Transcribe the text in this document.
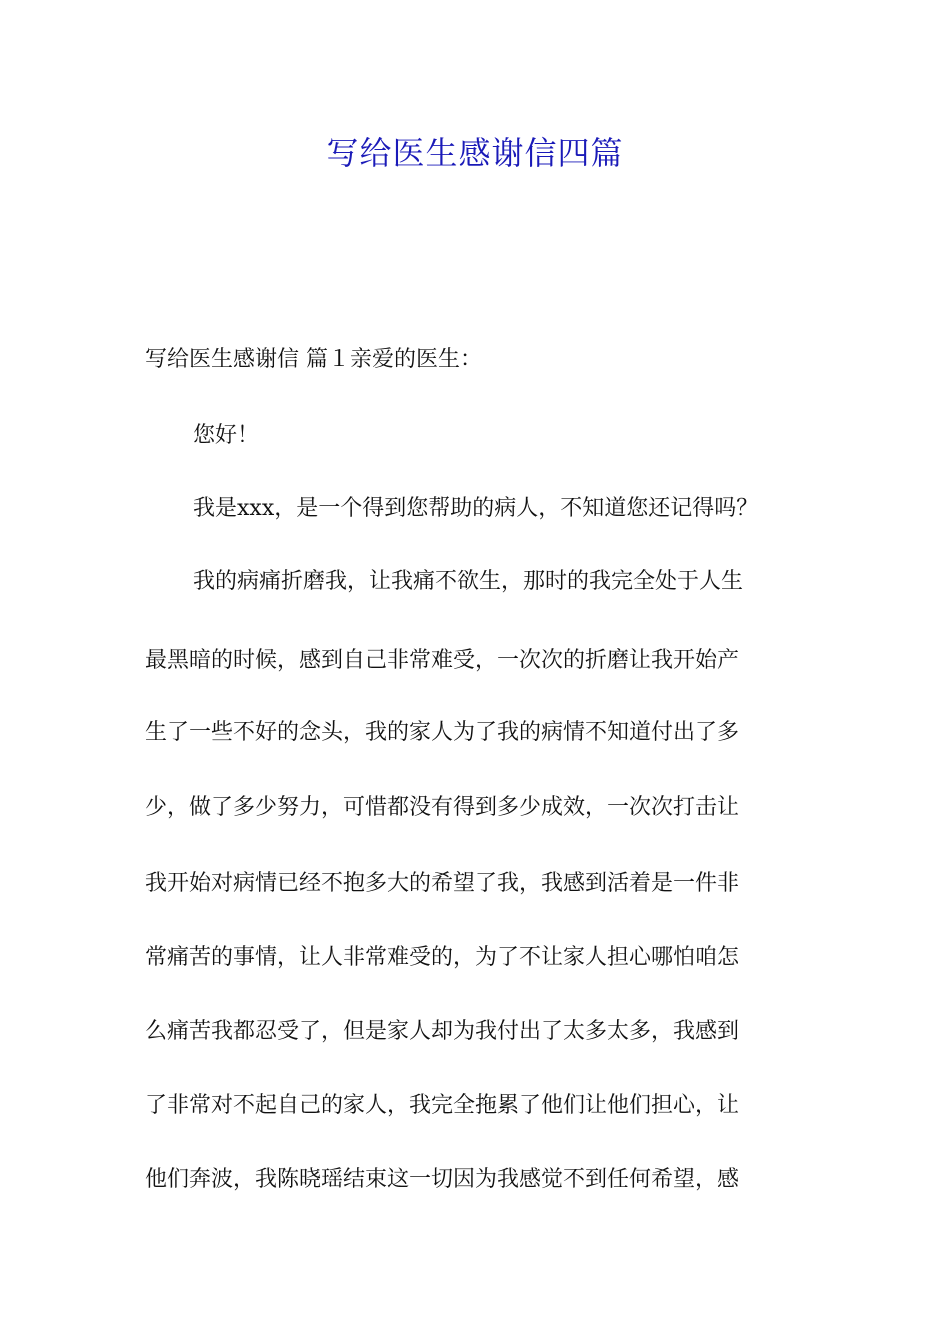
写给医生感谢信四篇
写给医生感谢信 篇１亲爱的医生：
您好！
我是xxx，是一个得到您帮助的病人，不知道您还记得吗？
我的病痛折磨我，让我痛不欲生，那时的我完全处于人生
最黑暗的时候，感到自己非常难受，一次次的折磨让我开始产
生了一些不好的念头，我的家人为了我的病情不知道付出了多
少，做了多少努力，可惜都没有得到多少成效，一次次打击让
我开始对病情已经不抱多大的希望了我，我感到活着是一件非
常痛苦的事情，让人非常难受的，为了不让家人担心哪怕咱怎
么痛苦我都忍受了，但是家人却为我付出了太多太多，我感到
了非常对不起自己的家人，我完全拖累了他们让他们担心，让
他们奔波，我陈晓瑶结束这一切因为我感觉不到任何希望，感
